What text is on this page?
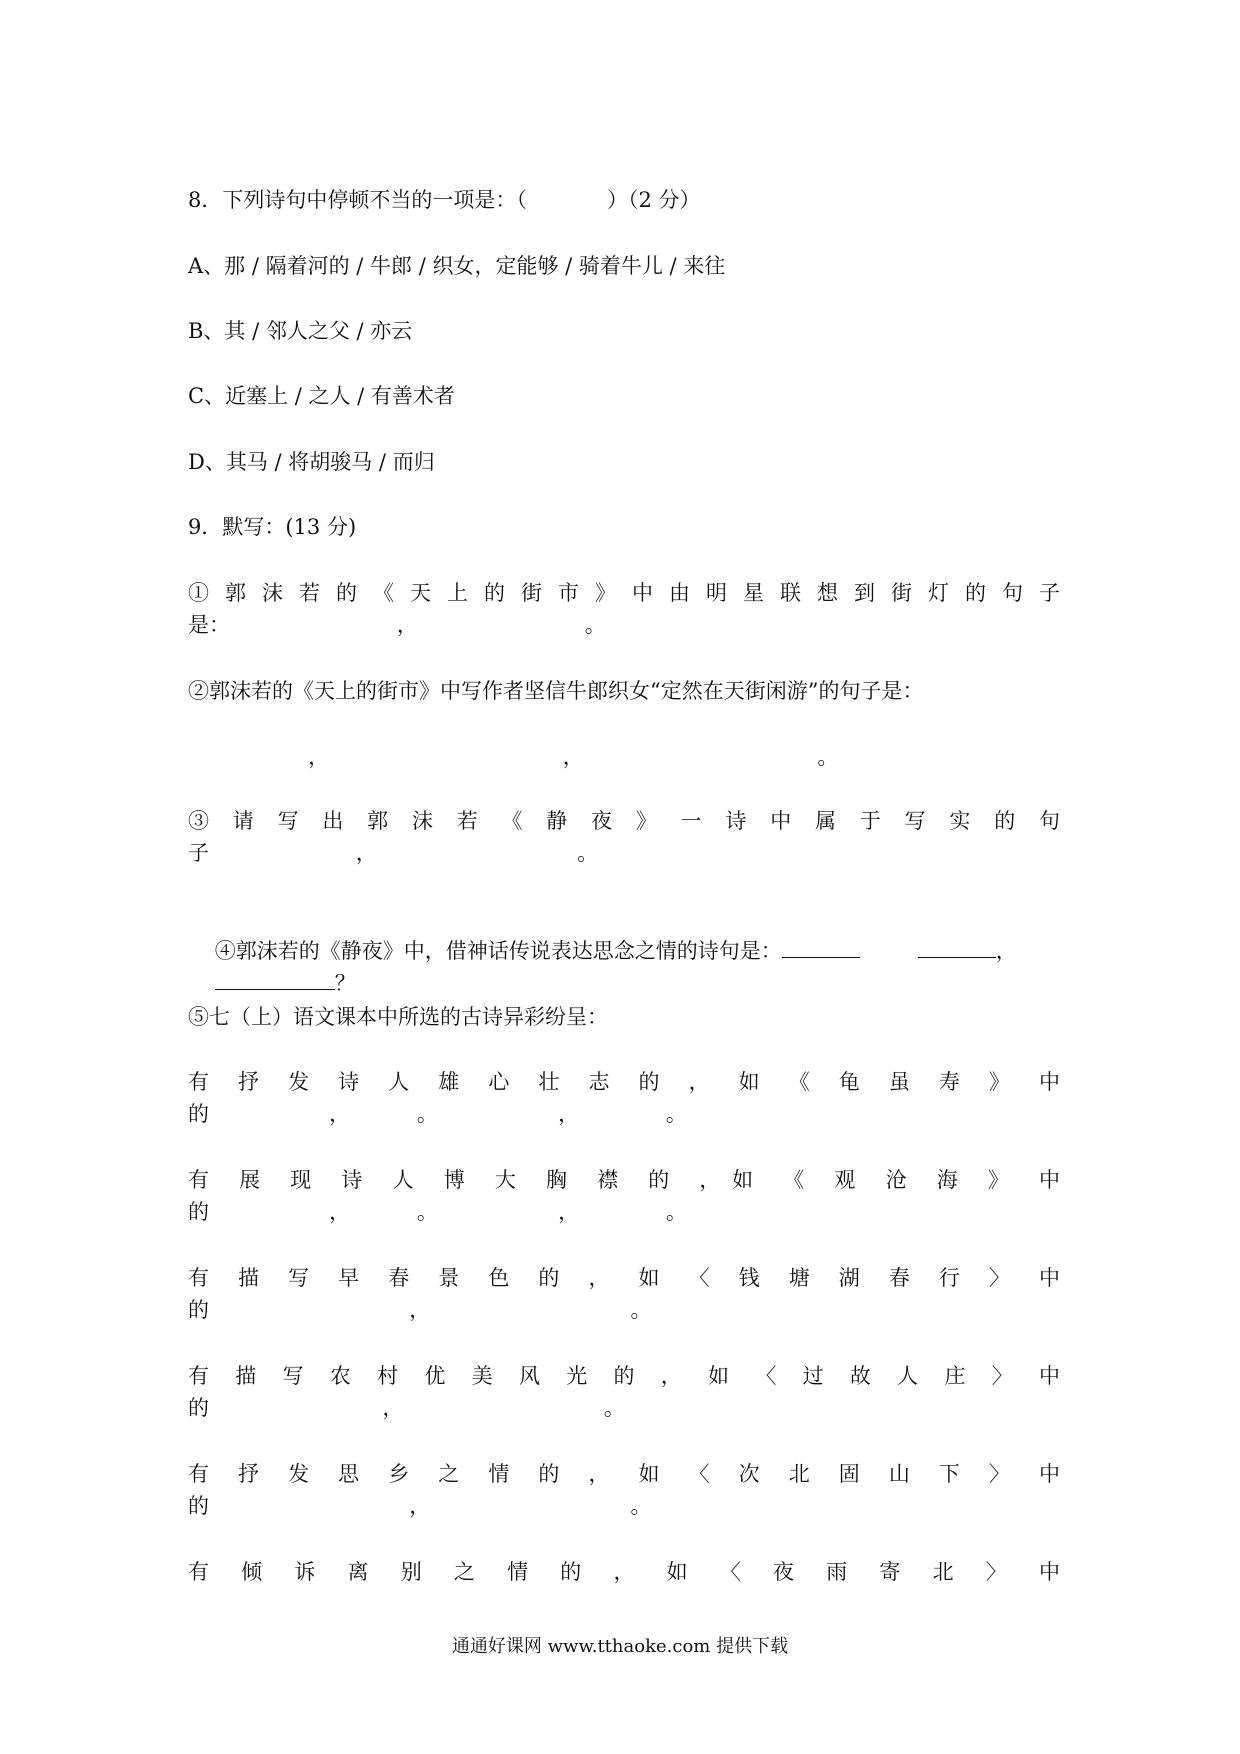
8．下列诗句中停顿不当的一项是：（            ）（2 分）
A、那 / 隔着河的 / 牛郎 / 织女，定能够 / 骑着牛儿 / 来往
B、其 / 邻人之父 / 亦云
C、近塞上 / 之人 / 有善术者
D、其马 / 将胡骏马 / 而归
9．默写：(13 分)
① 郭 沫 若 的 《 天 上 的 街 市 》 中 由 明 星 联 想 到 街 灯 的 句 子
是：                         ，                         。
②郭沫若的《天上的街市》中写作者坚信牛郎织女“定然在天街闲游”的句子是：
，                                   ，                                   。
③ 请 写 出 郭 沫 若 《 静 夜 》 一 诗 中 属 于 写 实 的 句
子                      ，                              。

④郭沫若的《静夜》中，借神话传说表达思念之情的诗句是：	，

？

⑤七（上）语文课本中所选的古诗异彩纷呈：
有 抒 发 诗 人 雄 心 壮 志 的 ， 如 《 龟 虽 寿 》 中
的                  ，          。                  ，             。
有 展 现 诗 人 博 大 胸 襟 的 ，如 《 观 沧 海 》 中
的                  ，          。                  ，             。
有 描 写 早 春 景 色 的 ， 如 〈 钱 塘 湖 春 行 〉 中
的                              ，                              。
有 描 写 农 村 优 美 风 光 的 ， 如 〈 过 故 人 庄 〉 中
的                          ，                              。
有 抒 发 思 乡 之 情 的 ， 如 〈 次 北 固 山 下 〉 中
的                              ，                              。
有 倾 诉 离 别 之 情 的 ， 如 〈 夜 雨 寄 北 〉 中
通通好课网 www.tthaoke.com 提供下载
